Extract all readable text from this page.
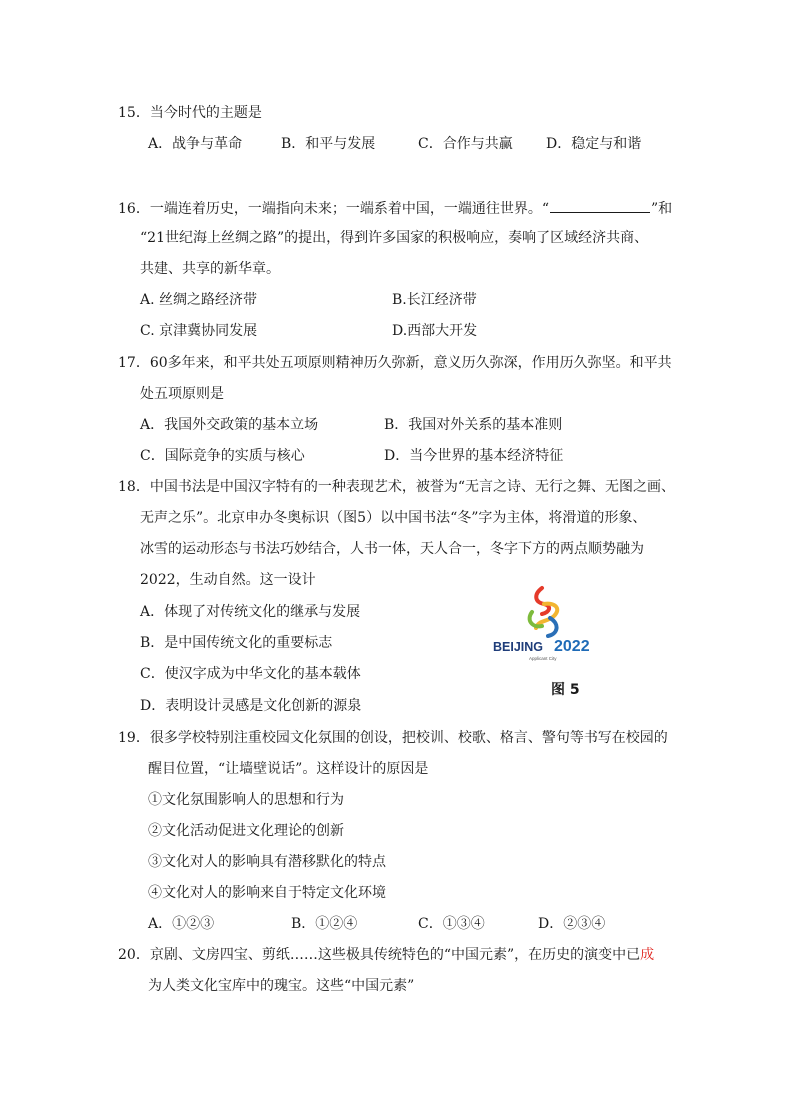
15．当今时代的主题是
A．战争与革命	B．和平与发展	C．合作与共赢 D．稳定与和谐
16．一端连着历史，一端指向未来；一端系着中国，一端通往世界。“	”和
“21世纪海上丝绸之路”的提出，得到许多国家的积极响应，奏响了区域经济共商、
共建、共享的新华章。
A. 丝绸之路经济带	B.长江经济带
C. 京津冀协同发展	D.西部大开发
17．60多年来，和平共处五项原则精神历久弥新，意义历久弥深，作用历久弥坚。和平共
处五项原则是
A．我国外交政策的基本立场	B．我国对外关系的基本准则
C．国际竞争的实质与核心	D．当今世界的基本经济特征
18．中国书法是中国汉字特有的一种表现艺术，被誉为“无言之诗、无行之舞、无图之画、
无声之乐”。北京申办冬奥标识（图5）以中国书法“冬”字为主体，将滑道的形象、
冰雪的运动形态与书法巧妙结合，人书一体，天人合一，冬字下方的两点顺势融为
2022，生动自然。这一设计
A．体现了对传统文化的继承与发展
B．是中国传统文化的重要标志
C．使汉字成为中华文化的基本载体
D．表明设计灵感是文化创新的源泉
BEIJING 2022
Applicant City
图 5
19．很多学校特别注重校园文化氛围的创设，把校训、校歌、格言、警句等书写在校园的
醒目位置，“让墙壁说话”。这样设计的原因是
①文化氛围影响人的思想和行为
②文化活动促进文化理论的创新
③文化对人的影响具有潜移默化的特点
④文化对人的影响来自于特定文化环境
A．①②③	B．①②④	C．①③④	D．②③④
20．京剧、文房四宝、剪纸……这些极具传统特色的“中国元素”，在历史的演变中已成
为人类文化宝库中的瑰宝。这些“中国元素”
